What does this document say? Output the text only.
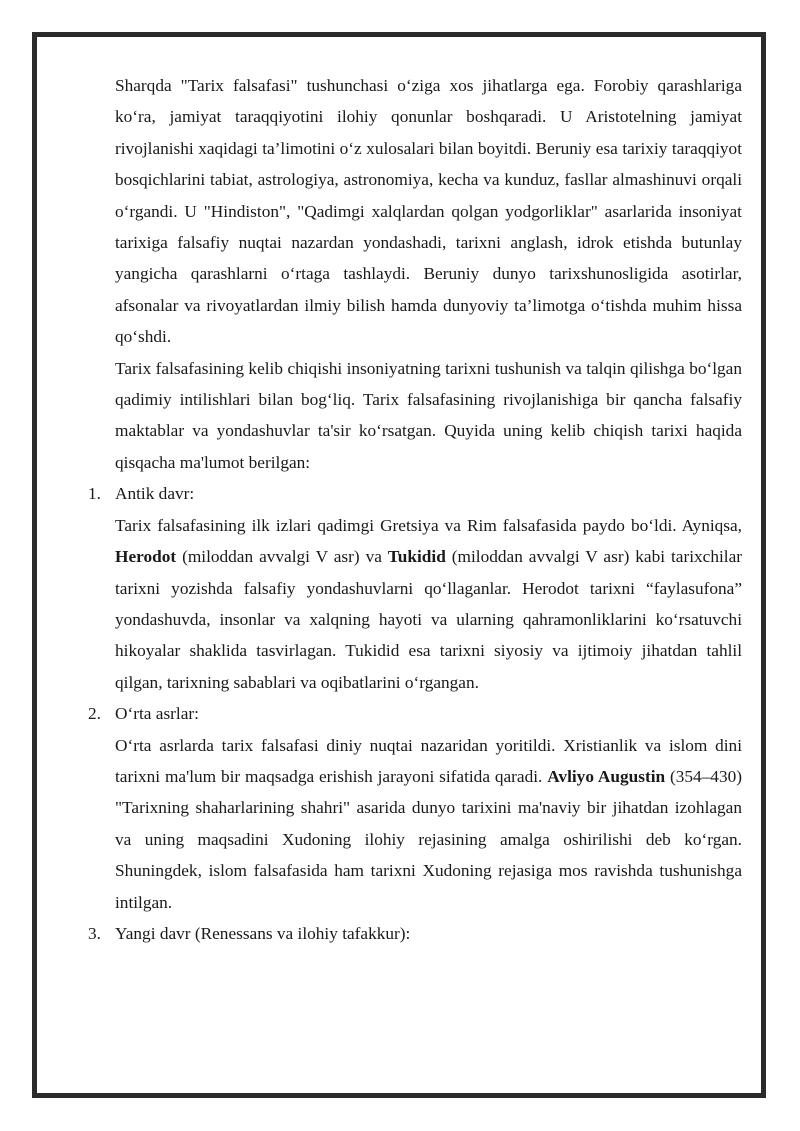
Sharqda "Tarix falsafasi" tushunchasi o‘ziga xos jihatlarga ega. Forobiy qarashlariga ko‘ra, jamiyat taraqqiyotini ilohiy qonunlar boshqaradi. U Aristotelning jamiyat rivojlanishi xaqidagi ta’limotini o‘z xulosalari bilan boyitdi. Beruniy esa tarixiy taraqqiyot bosqichlarini tabiat, astrologiya, astronomiya, kecha va kunduz, fasllar almashinuvi orqali o‘rgandi. U "Hindiston", "Qadimgi xalqlardan qolgan yodgorliklar" asarlarida insoniyat tarixiga falsafiy nuqtai nazardan yondashadi, tarixni anglash, idrok etishda butunlay yangicha qarashlarni o‘rtaga tashlaydi. Beruniy dunyo tarixshunosligida asotirlar, afsonalar va rivoyatlardan ilmiy bilish hamda dunyoviy ta’limotga o‘tishda muhim hissa qo‘shdi.

Tarix falsafasining kelib chiqishi insoniyatning tarixni tushunish va talqin qilishga bo‘lgan qadimiy intilishlari bilan bog‘liq. Tarix falsafasining rivojlanishiga bir qancha falsafiy maktablar va yondashuvlar ta'sir ko‘rsatgan. Quyida uning kelib chiqish tarixi haqida qisqacha ma'lumot berilgan:

1. Antik davr:

Tarix falsafasining ilk izlari qadimgi Gretsiya va Rim falsafasida paydo bo‘ldi. Ayniqsa, Herodot (miloddan avvalgi V asr) va Tukidid (miloddan avvalgi V asr) kabi tarixchilar tarixni yozishda falsafiy yondashuvlarni qo‘llaganlar. Herodot tarixni “faylasufona” yondashuvda, insonlar va xalqning hayoti va ularning qahramonliklarini ko‘rsatuvchi hikoyalar shaklida tasvirlagan. Tukidid esa tarixni siyosiy va ijtimoiy jihatdan tahlil qilgan, tarixning sabablari va oqibatlarini o‘rgangan.

2. O‘rta asrlar:

O‘rta asrlarda tarix falsafasi diniy nuqtai nazaridan yoritildi. Xristianlik va islom dini tarixni ma'lum bir maqsadga erishish jarayoni sifatida qaradi. Avliyo Augustin (354–430) "Tarixning shaharlarining shahri" asarida dunyo tarixini ma'naviy bir jihatdan izohlagan va uning maqsadini Xudoning ilohiy rejasining amalga oshirilishi deb ko‘rgan. Shuningdek, islom falsafasida ham tarixni Xudoning rejasiga mos ravishda tushunishga intilgan.

3. Yangi davr (Renessans va ilohiy tafakkur):
